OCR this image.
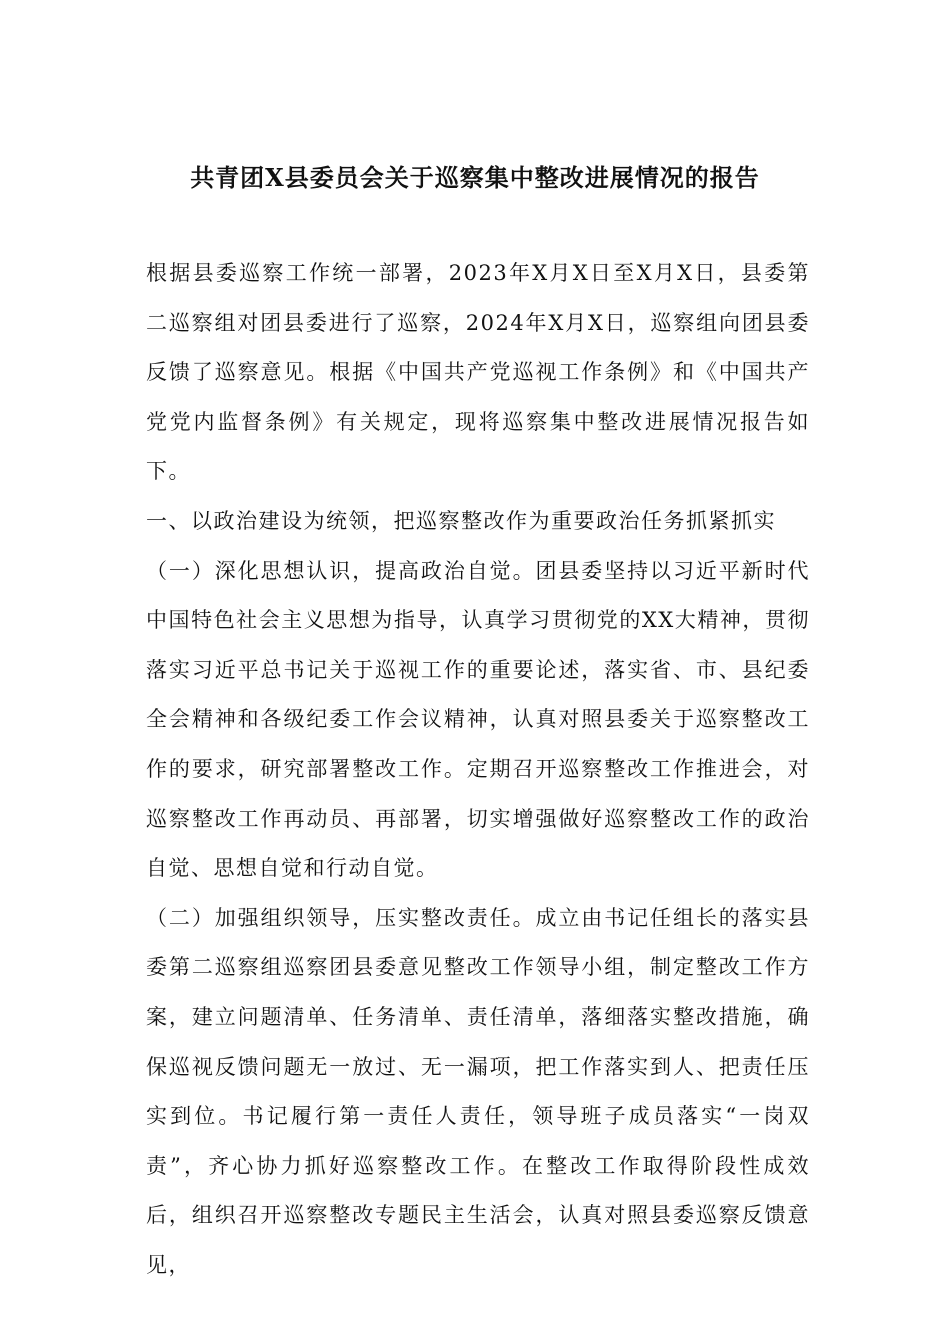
共青团X县委员会关于巡察集中整改进展情况的报告

根据县委巡察工作统一部署，2023年X月X日至X月X日，县委第二巡察组对团县委进行了巡察，2024年X月X日，巡察组向团县委反馈了巡察意见。根据《中国共产党巡视工作条例》和《中国共产党党内监督条例》有关规定，现将巡察集中整改进展情况报告如下。

一、以政治建设为统领，把巡察整改作为重要政治任务抓紧抓实

（一）深化思想认识，提高政治自觉。团县委坚持以习近平新时代中国特色社会主义思想为指导，认真学习贯彻党的XX大精神，贯彻落实习近平总书记关于巡视工作的重要论述，落实省、市、县纪委全会精神和各级纪委工作会议精神，认真对照县委关于巡察整改工作的要求，研究部署整改工作。定期召开巡察整改工作推进会，对巡察整改工作再动员、再部署，切实增强做好巡察整改工作的政治自觉、思想自觉和行动自觉。

（二）加强组织领导，压实整改责任。成立由书记任组长的落实县委第二巡察组巡察团县委意见整改工作领导小组，制定整改工作方案，建立问题清单、任务清单、责任清单，落细落实整改措施，确保巡视反馈问题无一放过、无一漏项，把工作落实到人、把责任压实到位。书记履行第一责任人责任，领导班子成员落实“一岗双责”，齐心协力抓好巡察整改工作。在整改工作取得阶段性成效后，组织召开巡察整改专题民主生活会，认真对照县委巡察反馈意见，
